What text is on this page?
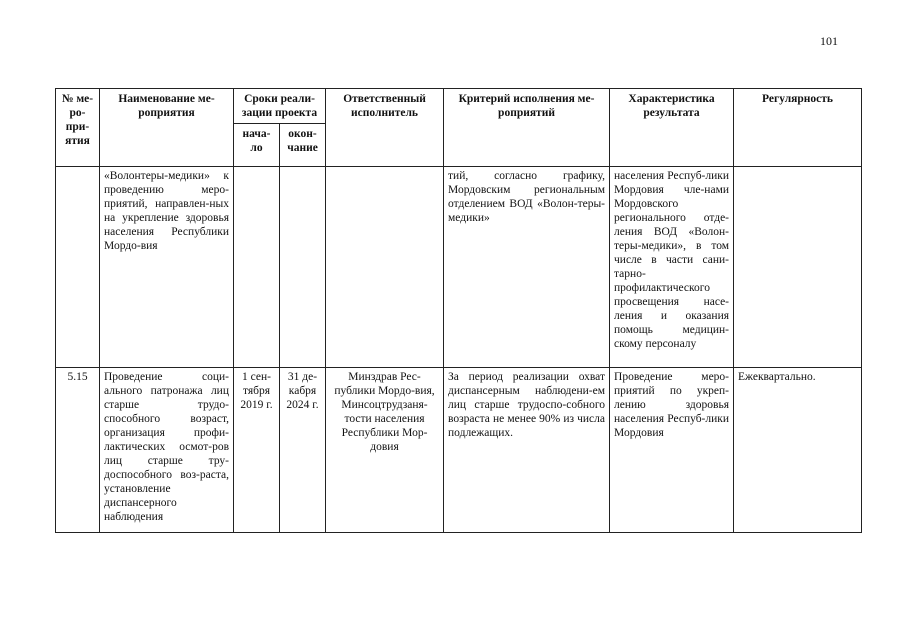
101
№ ме-ро-при-ятия	Наименование ме-роприятия	Сроки реали-зации проекта		Ответственный исполнитель	Критерий исполнения ме-роприятий	Характеристика результата	Регулярность
		нача-ло	окон-чание				
	«Волонтеры-медики» к проведению меро-приятий, направлен-ных на укрепление здоровья населения Республики Мордо-вия				тий, согласно графику, Мордовским региональным отделением ВОД «Волон-теры-медики»	населения Респуб-лики Мордовия чле-нами Мордовского регионального отде-ления ВОД «Волон-теры-медики», в том числе в части сани-тарно-профилактического просвещения насе-ления и оказания помощь медицин-скому персоналу	
5.15	Проведение соци-ального патронажа лиц старше трудо-способного возраст, организация профи-лактических осмот-ров лиц старше тру-доспособного воз-раста, установление диспансерного наблюдения	1 сен-тября 2019 г.	31 де-кабря 2024 г.	Минздрав Рес-публики Мордо-вия, Минсоцтрудзаня-тости населения Республики Мор-довия	За период реализации охват диспансерным наблюдени-ем лиц старше трудоспо-собного возраста не менее 90% из числа подлежащих.	Проведение меро-приятий по укреп-лению здоровья населения Респуб-лики Мордовия	Ежеквартально.
